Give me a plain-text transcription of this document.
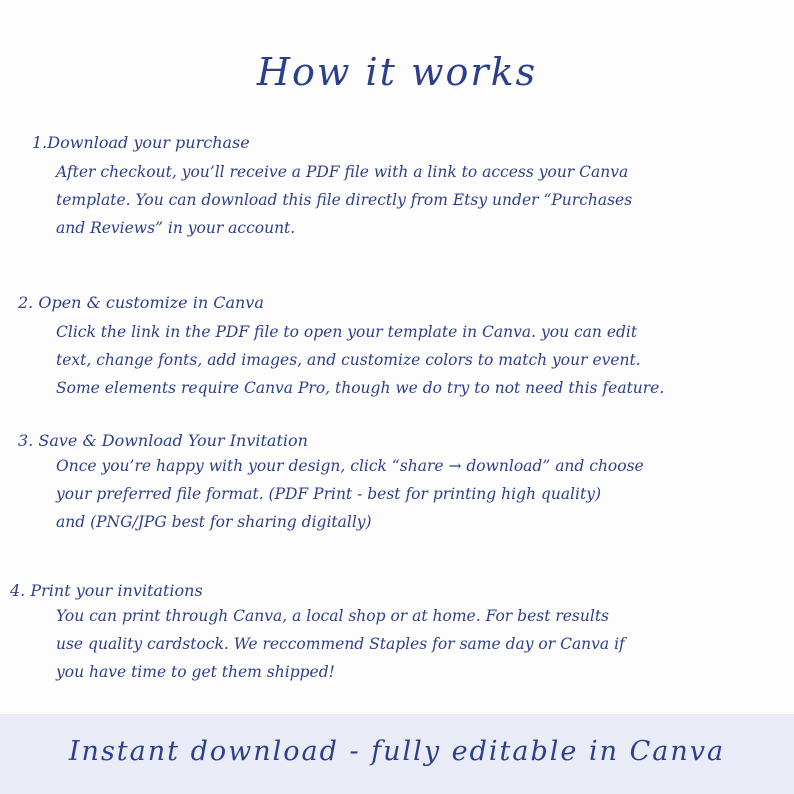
How it works
1.Download your purchase
After checkout, you’ll receive a PDF file with a link to access your Canva
template. You can download this file directly from Etsy under “Purchases
and Reviews” in your account.
2. Open & customize in Canva
Click the link in the PDF file to open your template in Canva. you can edit
text, change fonts, add images, and customize colors to match your event.
Some elements require Canva Pro, though we do try to not need this feature.
3. Save & Download Your Invitation
Once you’re happy with your design, click “share → download” and choose
your preferred file format. (PDF Print - best for printing high quality)
and (PNG/JPG best for sharing digitally)
4. Print your invitations
You can print through Canva, a local shop or at home. For best results
use quality cardstock. We reccommend Staples for same day or Canva if
you have time to get them shipped!
Instant download - fully editable in Canva
